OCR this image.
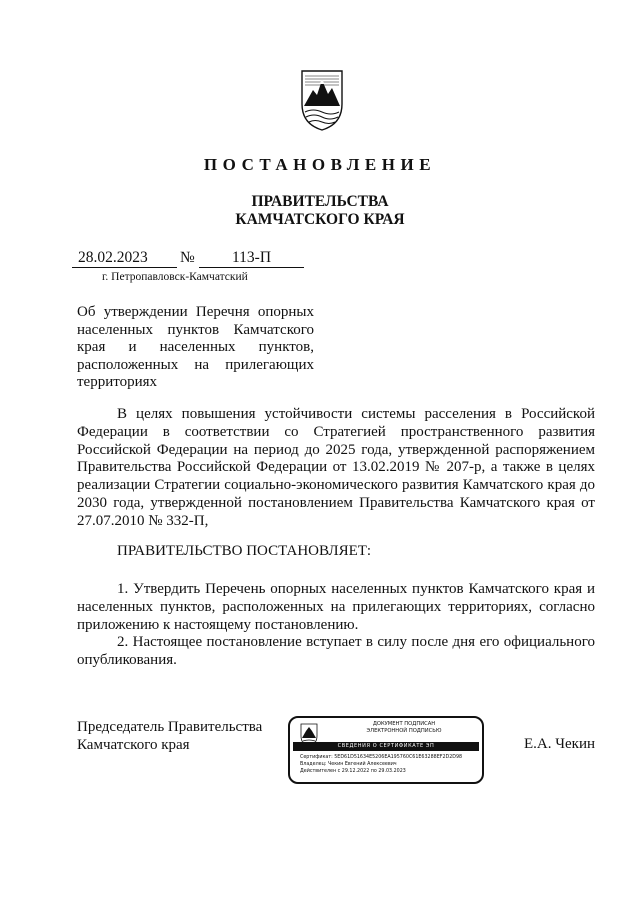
ПОСТАНОВЛЕНИЕ
ПРАВИТЕЛЬСТВА
КАМЧАТСКОГО КРАЯ
28.02.2023 № 113-П
г. Петропавловск-Камчатский
Об утверждении Перечня опорных населенных пунктов Камчатского края и населенных пунктов, расположенных на прилегающих территориях
В целях повышения устойчивости системы расселения в Российской Федерации в соответствии со Стратегией пространственного развития Российской Федерации на период до 2025 года, утвержденной распоряжением Правительства Российской Федерации от 13.02.2019 № 207-р, а также в целях реализации Стратегии социально-экономического развития Камчатского края до 2030 года, утвержденной постановлением Правительства Камчатского края от 27.07.2010 № 332-П,
ПРАВИТЕЛЬСТВО ПОСТАНОВЛЯЕТ:
1. Утвердить Перечень опорных населенных пунктов Камчатского края и населенных пунктов, расположенных на прилегающих территориях, согласно приложению к настоящему постановлению.
2. Настоящее постановление вступает в силу после дня его официального опубликования.
Председатель Правительства
Камчатского края	Е.А. Чекин
ДОКУМЕНТ ПОДПИСАН
ЭЛЕКТРОННОЙ ПОДПИСЬЮ
СВЕДЕНИЯ О СЕРТИФИКАТЕ ЭП
Сертификат: 5ED61D51634E5206EA195760C61E63288EF2D2D98
Владелец: Чекин Евгений Алексеевич
Действителен с 29.12.2022 по 29.03.2023
